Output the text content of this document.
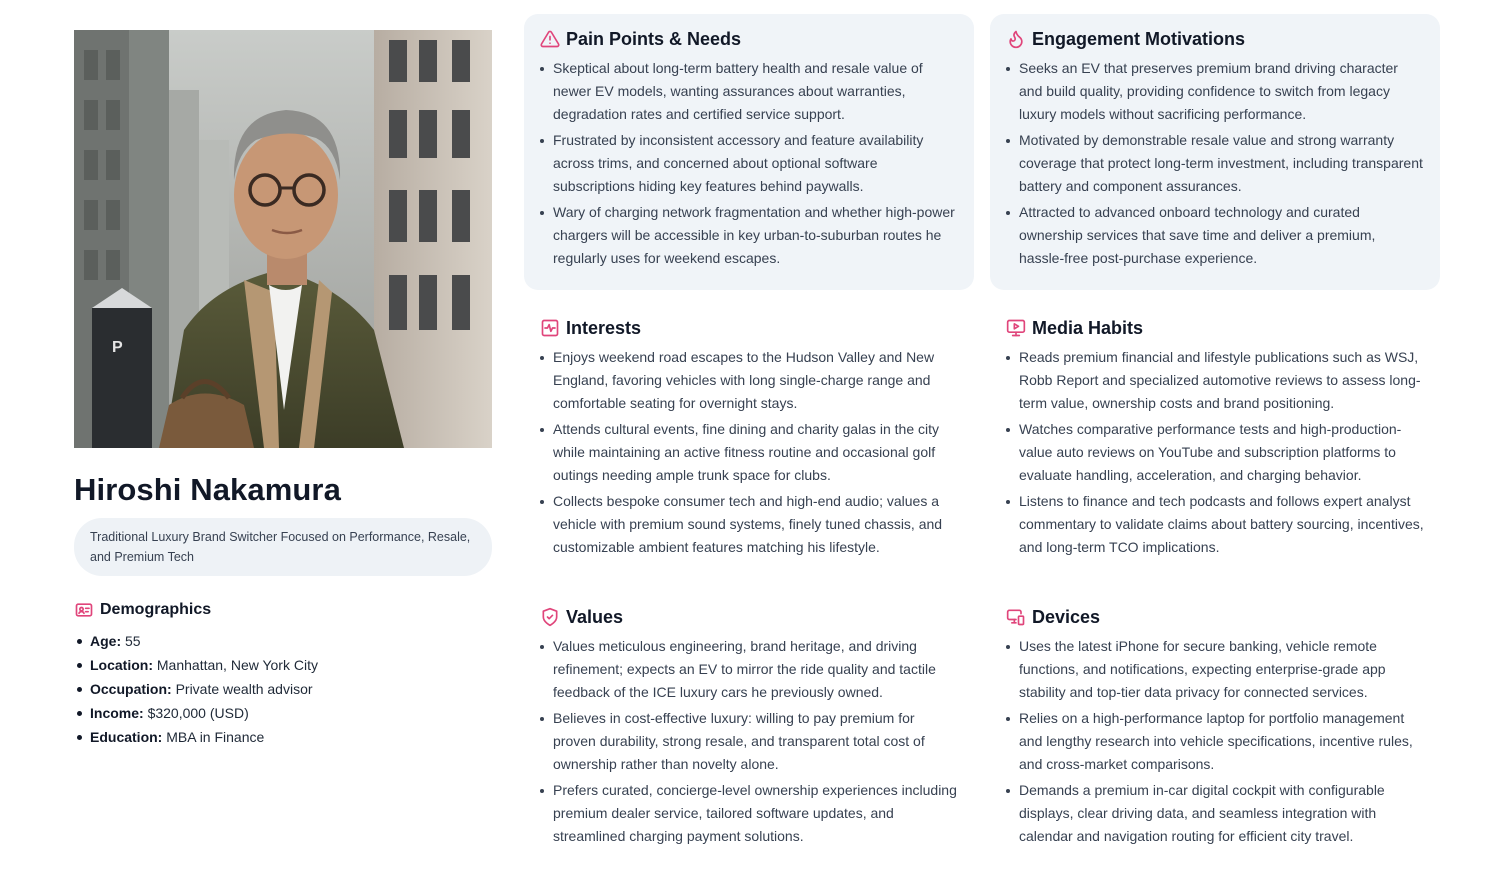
P
Hiroshi Nakamura
Traditional Luxury Brand Switcher Focused on Performance, Resale, and Premium Tech
Demographics
Age: 55
Location: Manhattan, New York City
Occupation: Private wealth advisor
Income: $320,000 (USD)
Education: MBA in Finance
Pain Points & Needs
Skeptical about long-term battery health and resale value of newer EV models, wanting assurances about warranties, degradation rates and certified service support.
Frustrated by inconsistent accessory and feature availability across trims, and concerned about optional software subscriptions hiding key features behind paywalls.
Wary of charging network fragmentation and whether high-power chargers will be accessible in key urban-to-suburban routes he regularly uses for weekend escapes.
Engagement Motivations
Seeks an EV that preserves premium brand driving character and build quality, providing confidence to switch from legacy luxury models without sacrificing performance.
Motivated by demonstrable resale value and strong warranty coverage that protect long-term investment, including transparent battery and component assurances.
Attracted to advanced onboard technology and curated ownership services that save time and deliver a premium, hassle-free post-purchase experience.
Interests
Enjoys weekend road escapes to the Hudson Valley and New England, favoring vehicles with long single-charge range and comfortable seating for overnight stays.
Attends cultural events, fine dining and charity galas in the city while maintaining an active fitness routine and occasional golf outings needing ample trunk space for clubs.
Collects bespoke consumer tech and high-end audio; values a vehicle with premium sound systems, finely tuned chassis, and customizable ambient features matching his lifestyle.
Media Habits
Reads premium financial and lifestyle publications such as WSJ, Robb Report and specialized automotive reviews to assess long-term value, ownership costs and brand positioning.
Watches comparative performance tests and high-production-value auto reviews on YouTube and subscription platforms to evaluate handling, acceleration, and charging behavior.
Listens to finance and tech podcasts and follows expert analyst commentary to validate claims about battery sourcing, incentives, and long-term TCO implications.
Values
Values meticulous engineering, brand heritage, and driving refinement; expects an EV to mirror the ride quality and tactile feedback of the ICE luxury cars he previously owned.
Believes in cost-effective luxury: willing to pay premium for proven durability, strong resale, and transparent total cost of ownership rather than novelty alone.
Prefers curated, concierge-level ownership experiences including premium dealer service, tailored software updates, and streamlined charging payment solutions.
Devices
Uses the latest iPhone for secure banking, vehicle remote functions, and notifications, expecting enterprise-grade app stability and top-tier data privacy for connected services.
Relies on a high-performance laptop for portfolio management and lengthy research into vehicle specifications, incentive rules, and cross-market comparisons.
Demands a premium in-car digital cockpit with configurable displays, clear driving data, and seamless integration with calendar and navigation routing for efficient city travel.
